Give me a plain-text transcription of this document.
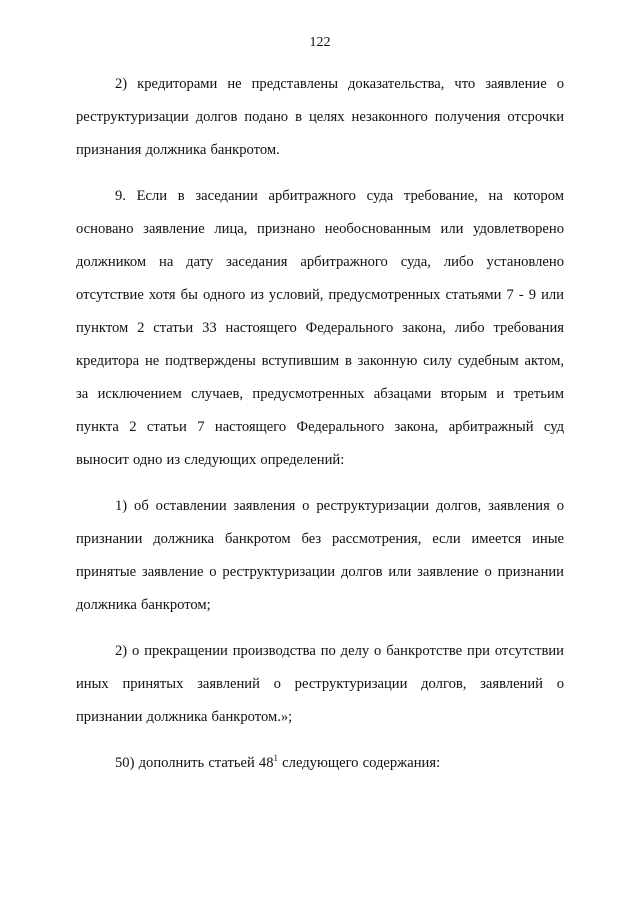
122

2) кредиторами не представлены доказательства, что заявление о реструктуризации долгов подано в целях незаконного получения отсрочки признания должника банкротом.

9. Если в заседании арбитражного суда требование, на котором основано заявление лица, признано необоснованным или удовлетворено должником на дату заседания арбитражного суда, либо установлено отсутствие хотя бы одного из условий, предусмотренных статьями 7 - 9 или пунктом 2 статьи 33 настоящего Федерального закона, либо требования кредитора не подтверждены вступившим в законную силу судебным актом, за исключением случаев, предусмотренных абзацами вторым и третьим пункта 2 статьи 7 настоящего Федерального закона, арбитражный суд выносит одно из следующих определений:

1) об оставлении заявления о реструктуризации долгов, заявления о признании должника банкротом без рассмотрения, если имеется иные принятые заявление о реструктуризации долгов или заявление о признании должника банкротом;

2) о прекращении производства по делу о банкротстве при отсутствии иных принятых заявлений о реструктуризации долгов, заявлений о признании должника банкротом.»;

50) дополнить статьей $48^1$ следующего содержания:
